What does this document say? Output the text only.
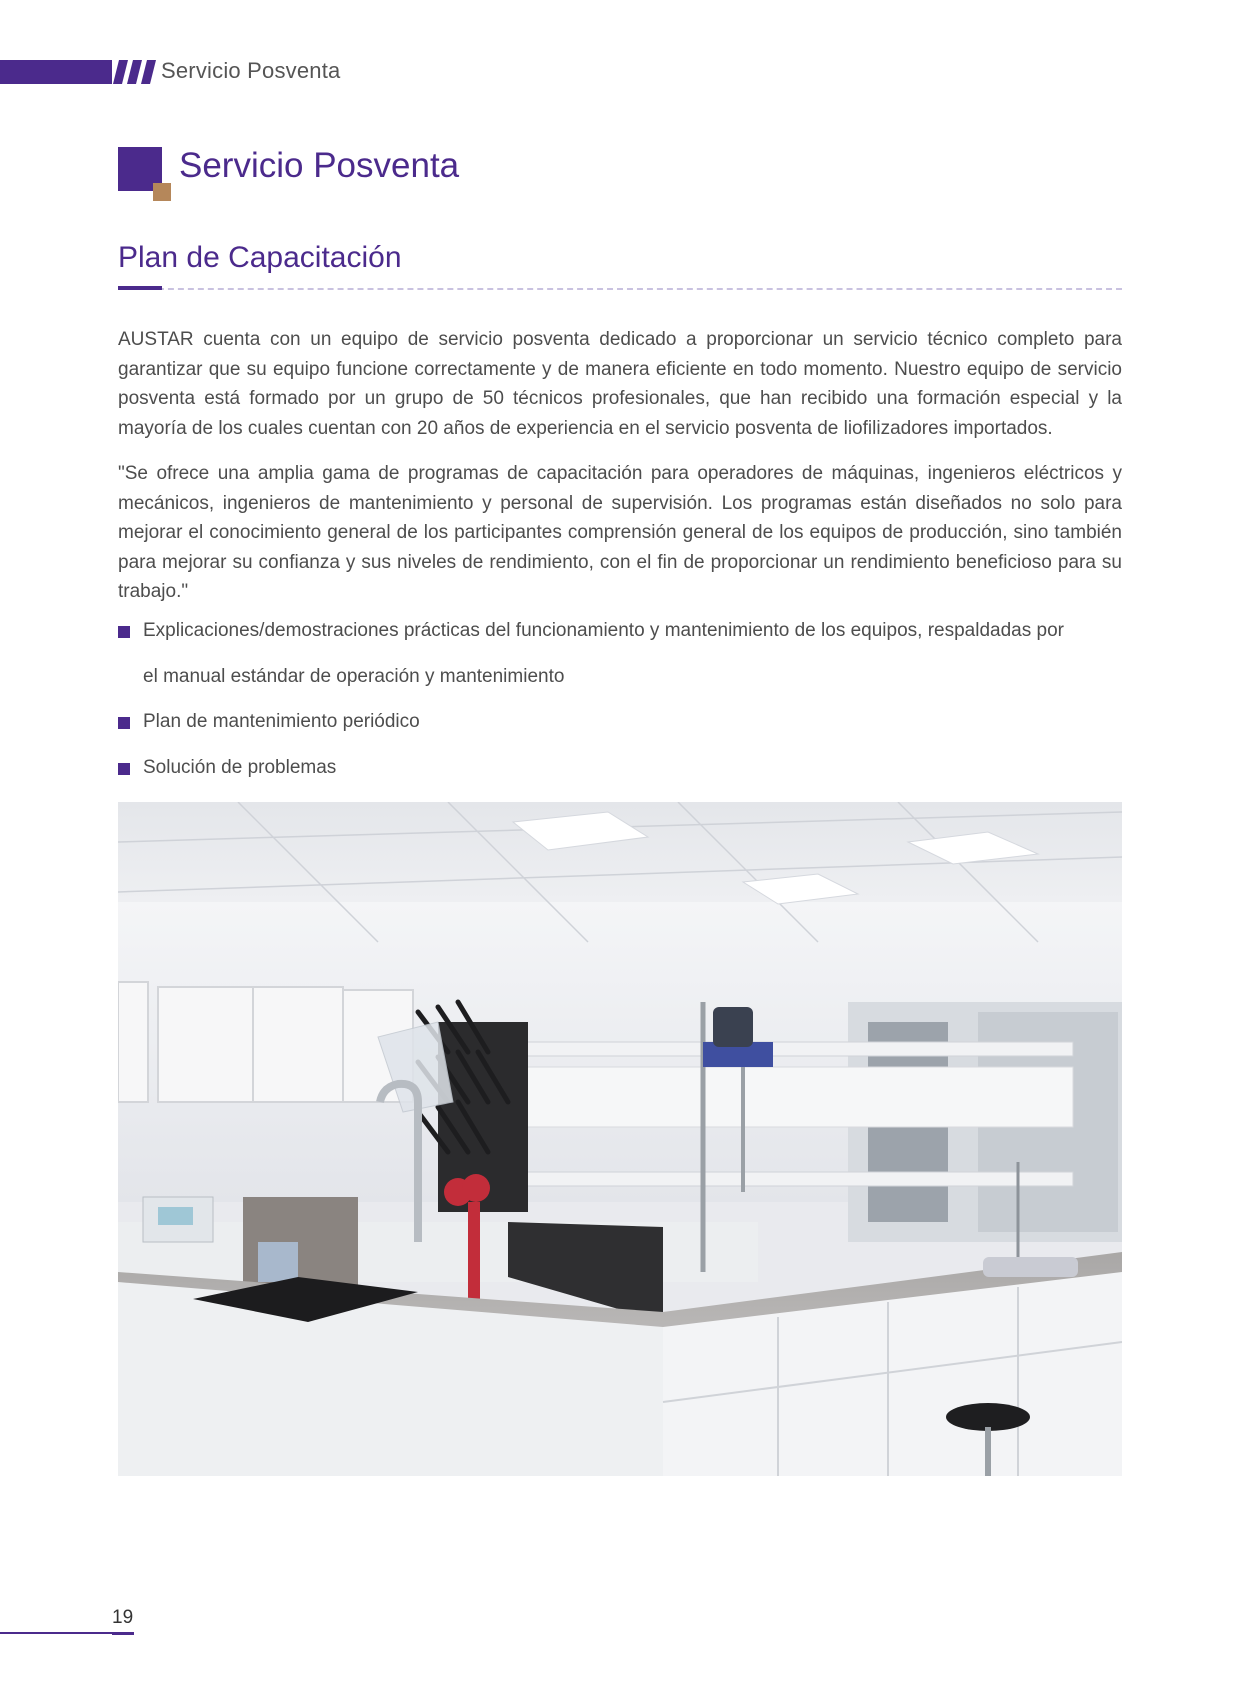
Servicio Posventa
Servicio Posventa
Plan de Capacitación
AUSTAR cuenta con un equipo de servicio posventa dedicado a proporcionar un servicio técnico completo para garantizar que su equipo funcione correctamente y de manera eficiente en todo momento. Nuestro equipo de servicio posventa está formado por un grupo de 50 técnicos profesionales, que han recibido una formación especial y la mayoría de los cuales cuentan con 20 años de experiencia en el servicio posventa de liofilizadores importados.
"Se ofrece una amplia gama de programas de capacitación para operadores de máquinas, ingenieros eléctricos y mecánicos, ingenieros de mantenimiento y personal de supervisión. Los programas están diseñados no solo para mejorar el conocimiento general de los participantes comprensión general de los equipos de producción, sino también para mejorar su confianza y sus niveles de rendimiento, con el fin de proporcionar un rendimiento beneficioso para su trabajo."
Explicaciones/demostraciones prácticas del funcionamiento y mantenimiento de los equipos, respaldadas por
el manual estándar de operación y mantenimiento
Plan de mantenimiento periódico
Solución de problemas
19
